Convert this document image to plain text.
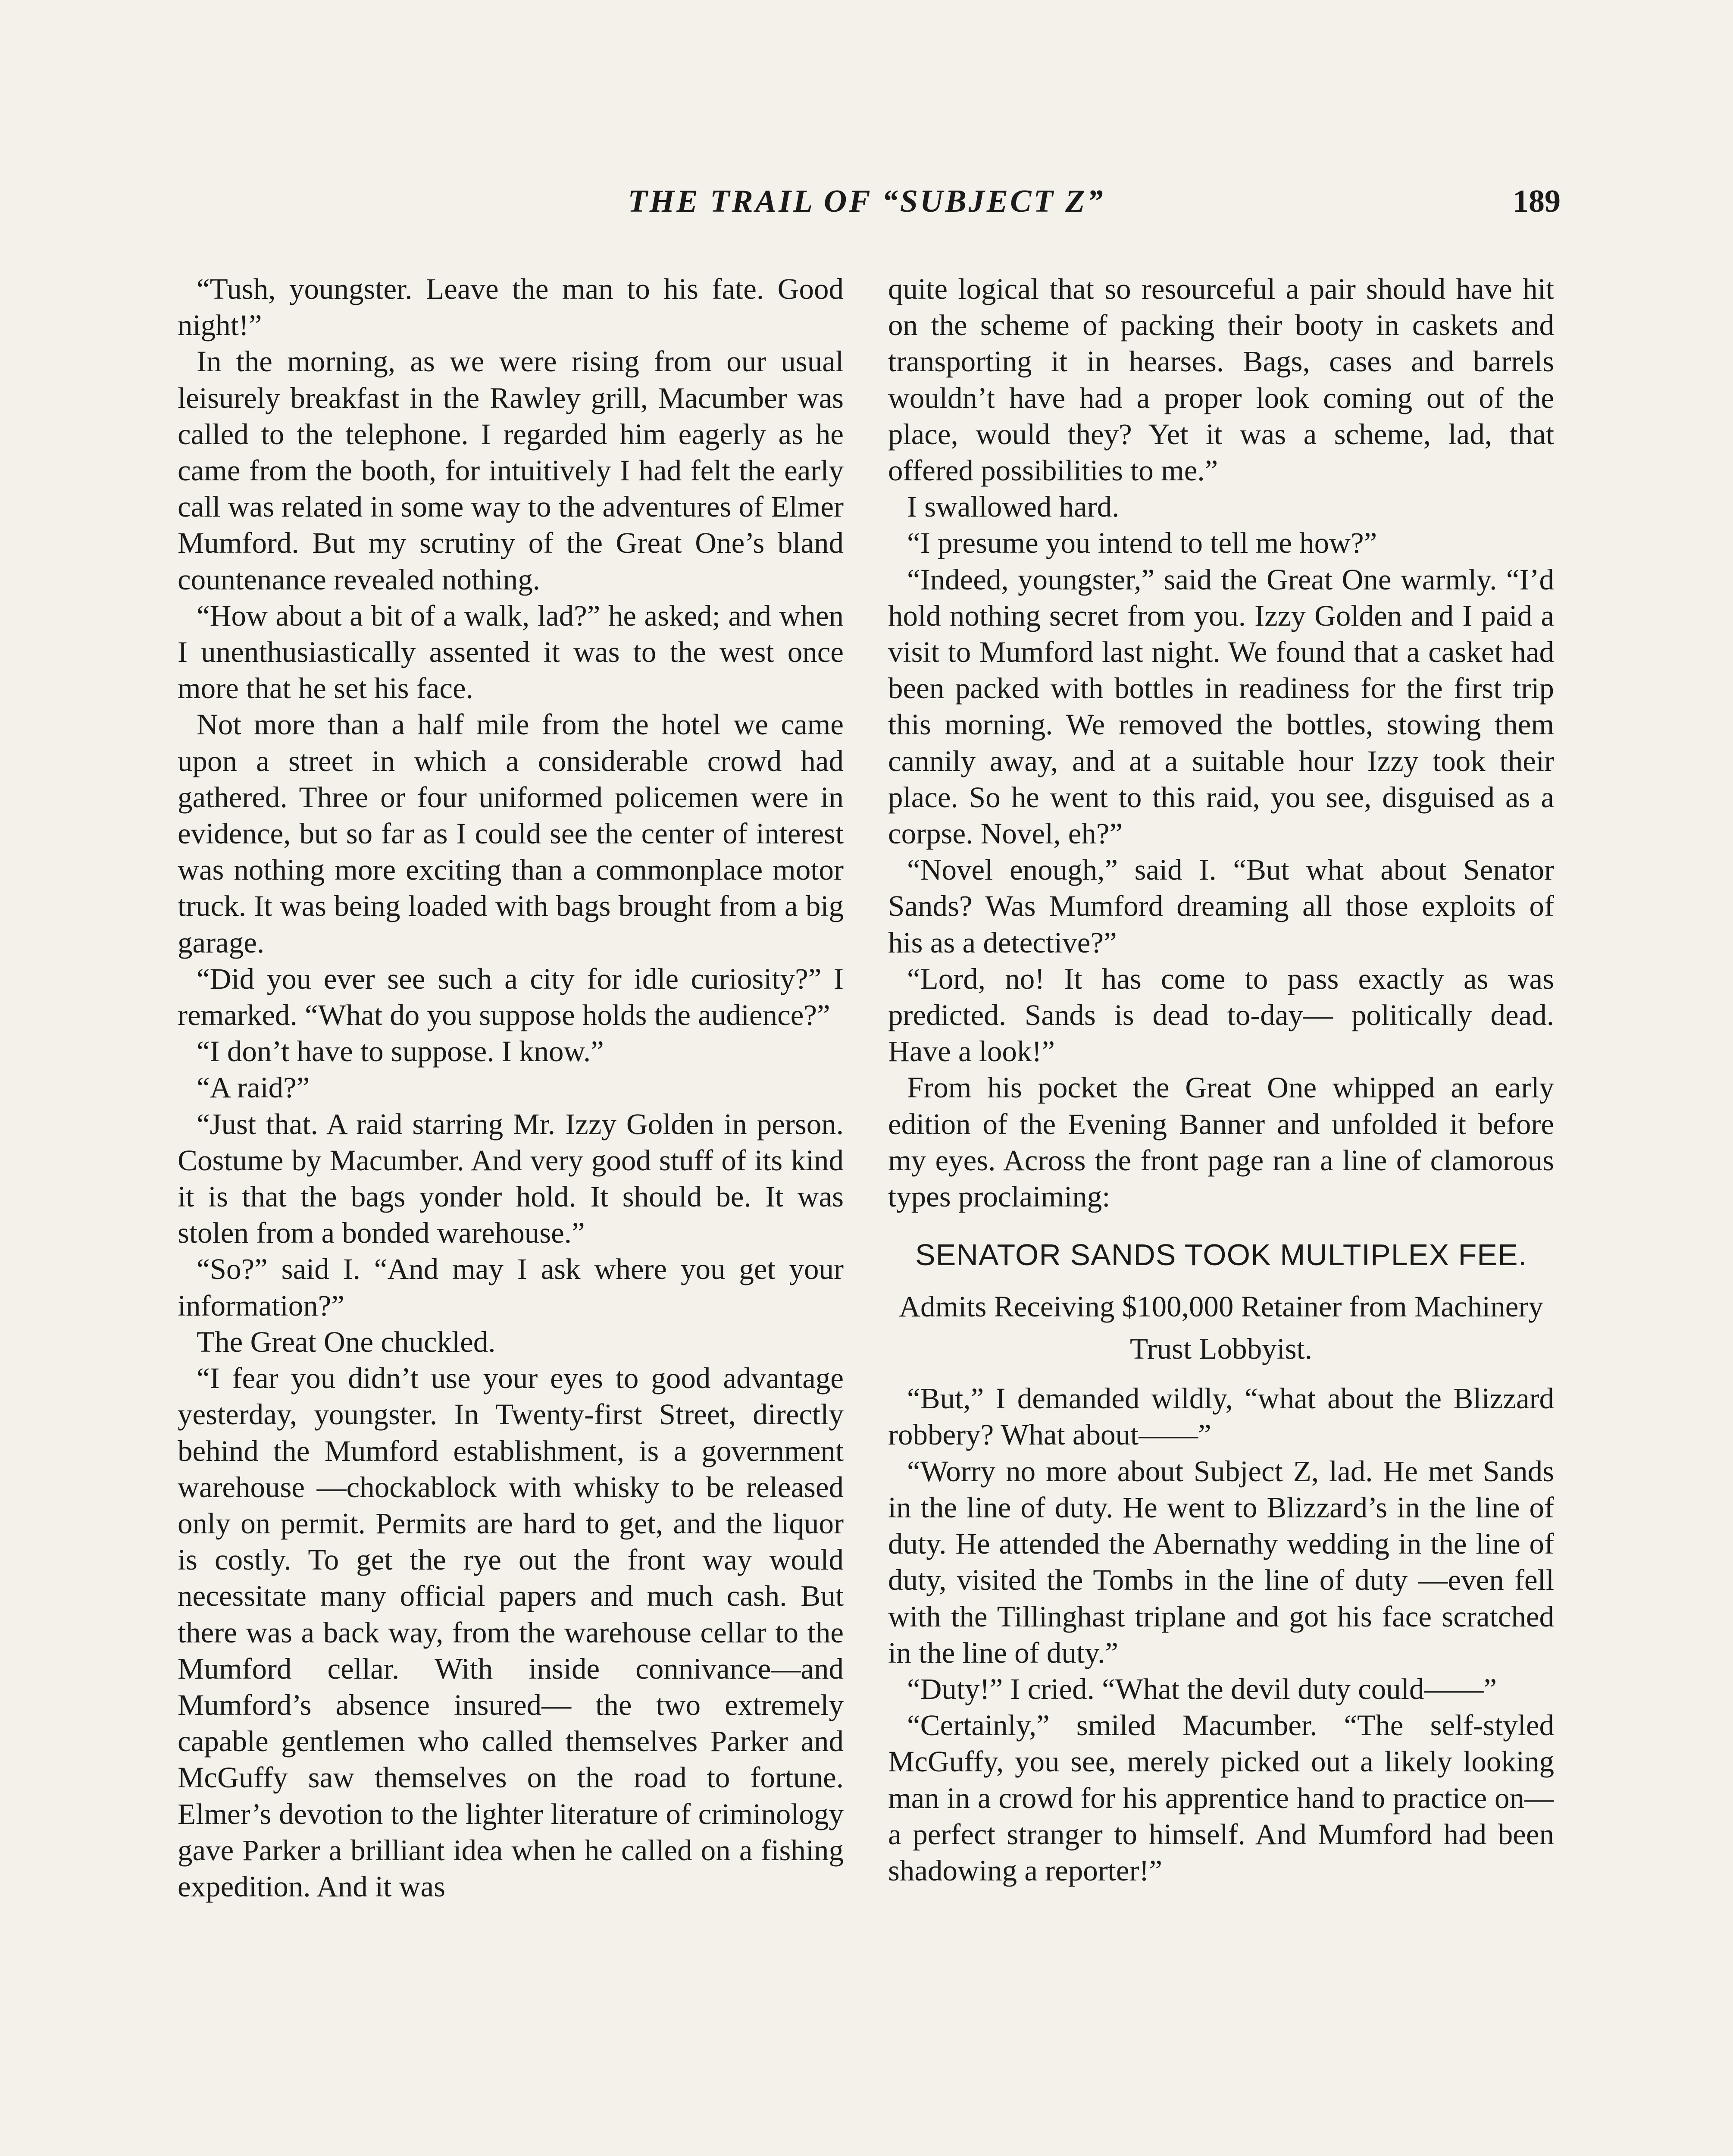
THE TRAIL OF “SUBJECT Z”	189

“Tush, youngster. Leave the man to his fate. Good night!”

In the morning, as we were rising from our usual leisurely breakfast in the Rawley grill, Macumber was called to the telephone. I regarded him eagerly as he came from the booth, for intuitively I had felt the early call was related in some way to the adventures of Elmer Mumford. But my scrutiny of the Great One’s bland countenance revealed nothing.

“How about a bit of a walk, lad?” he asked; and when I unenthusiastically assented it was to the west once more that he set his face.

Not more than a half mile from the hotel we came upon a street in which a considerable crowd had gathered. Three or four uniformed policemen were in evidence, but so far as I could see the center of interest was nothing more exciting than a commonplace motor truck. It was being loaded with bags brought from a big garage.

“Did you ever see such a city for idle curiosity?” I remarked. “What do you suppose holds the audience?”

“I don’t have to suppose. I know.”

“A raid?”

“Just that. A raid starring Mr. Izzy Golden in person. Costume by Macumber. And very good stuff of its kind it is that the bags yonder hold. It should be. It was stolen from a bonded warehouse.”

“So?” said I. “And may I ask where you get your information?”

The Great One chuckled.

“I fear you didn’t use your eyes to good advantage yesterday, youngster. In Twenty-first Street, directly behind the Mumford establishment, is a government warehouse —chockablock with whisky to be released only on permit. Permits are hard to get, and the liquor is costly. To get the rye out the front way would necessitate many official papers and much cash. But there was a back way, from the warehouse cellar to the Mumford cellar. With inside connivance—and Mumford’s absence insured— the two extremely capable gentlemen who called themselves Parker and McGuffy saw themselves on the road to fortune. Elmer’s devotion to the lighter literature of criminology gave Parker a brilliant idea when he called on a fishing expedition. And it was

quite logical that so resourceful a pair should have hit on the scheme of packing their booty in caskets and transporting it in hearses. Bags, cases and barrels wouldn’t have had a proper look coming out of the place, would they? Yet it was a scheme, lad, that offered possibilities to me.”

I swallowed hard.

“I presume you intend to tell me how?”

“Indeed, youngster,” said the Great One warmly. “I’d hold nothing secret from you. Izzy Golden and I paid a visit to Mumford last night. We found that a casket had been packed with bottles in readiness for the first trip this morning. We removed the bottles, stowing them cannily away, and at a suitable hour Izzy took their place. So he went to this raid, you see, disguised as a corpse. Novel, eh?”

“Novel enough,” said I. “But what about Senator Sands? Was Mumford dreaming all those exploits of his as a detective?”

“Lord, no! It has come to pass exactly as was predicted. Sands is dead to-day— politically dead. Have a look!”

From his pocket the Great One whipped an early edition of the Evening Banner and unfolded it before my eyes. Across the front page ran a line of clamorous types proclaiming:

SENATOR SANDS TOOK MULTIPLEX FEE.
Admits Receiving $100,000 Retainer from Machinery Trust Lobbyist.

“But,” I demanded wildly, “what about the Blizzard robbery? What about——”

“Worry no more about Subject Z, lad. He met Sands in the line of duty. He went to Blizzard’s in the line of duty. He attended the Abernathy wedding in the line of duty, visited the Tombs in the line of duty —even fell with the Tillinghast triplane and got his face scratched in the line of duty.”

“Duty!” I cried. “What the devil duty could——”

“Certainly,” smiled Macumber. “The self-styled McGuffy, you see, merely picked out a likely looking man in a crowd for his apprentice hand to practice on—a perfect stranger to himself. And Mumford had been shadowing a reporter!”
